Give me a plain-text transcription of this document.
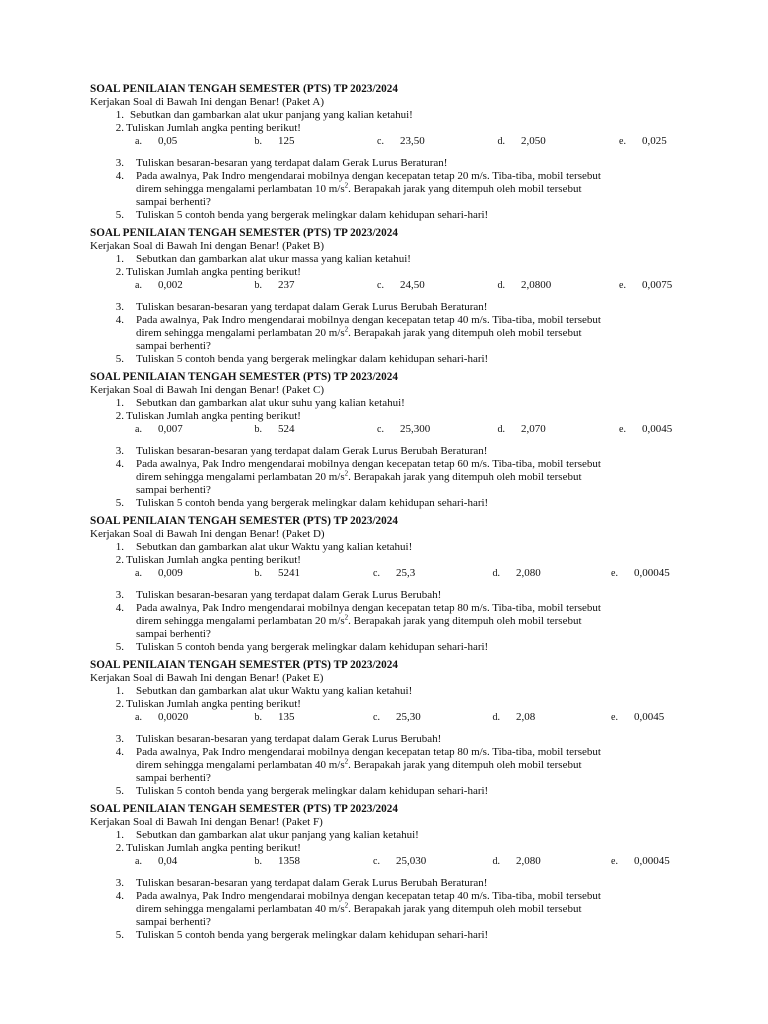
SOAL PENILAIAN TENGAH SEMESTER (PTS) TP 2023/2024
Kerjakan Soal di Bawah Ini dengan Benar! (Paket A)
1. Sebutkan dan gambarkan alat ukur panjang yang kalian ketahui!
2. Tuliskan Jumlah angka penting berikut!
a. 0,05	b. 125	c. 23,50	d. 2,050	e. 0,025
3. Tuliskan besaran-besaran yang terdapat dalam Gerak Lurus Beraturan!
4. Pada awalnya, Pak Indro mengendarai mobilnya dengan kecepatan tetap 20 m/s. Tiba-tiba, mobil tersebut
direm sehingga mengalami perlambatan 10 $m/s^2$. Berapakah jarak yang ditempuh oleh mobil tersebut
sampai berhenti?
5. Tuliskan 5 contoh benda yang bergerak melingkar dalam kehidupan sehari-hari!
SOAL PENILAIAN TENGAH SEMESTER (PTS) TP 2023/2024
Kerjakan Soal di Bawah Ini dengan Benar! (Paket B)
1. Sebutkan dan gambarkan alat ukur massa yang kalian ketahui!
2. Tuliskan Jumlah angka penting berikut!
a. 0,002	b. 237	c. 24,50	d. 2,0800	e. 0,0075
3. Tuliskan besaran-besaran yang terdapat dalam Gerak Lurus Berubah Beraturan!
4. Pada awalnya, Pak Indro mengendarai mobilnya dengan kecepatan tetap 40 m/s. Tiba-tiba, mobil tersebut
direm sehingga mengalami perlambatan 20 $m/s^2$. Berapakah jarak yang ditempuh oleh mobil tersebut
sampai berhenti?
5. Tuliskan 5 contoh benda yang bergerak melingkar dalam kehidupan sehari-hari!
SOAL PENILAIAN TENGAH SEMESTER (PTS) TP 2023/2024
Kerjakan Soal di Bawah Ini dengan Benar! (Paket C)
1. Sebutkan dan gambarkan alat ukur suhu yang kalian ketahui!
2. Tuliskan Jumlah angka penting berikut!
a. 0,007	b. 524	c. 25,300	d. 2,070	e. 0,0045
3. Tuliskan besaran-besaran yang terdapat dalam Gerak Lurus Berubah Beraturan!
4. Pada awalnya, Pak Indro mengendarai mobilnya dengan kecepatan tetap 60 m/s. Tiba-tiba, mobil tersebut
direm sehingga mengalami perlambatan 20 $m/s^2$. Berapakah jarak yang ditempuh oleh mobil tersebut
sampai berhenti?
5. Tuliskan 5 contoh benda yang bergerak melingkar dalam kehidupan sehari-hari!
SOAL PENILAIAN TENGAH SEMESTER (PTS) TP 2023/2024
Kerjakan Soal di Bawah Ini dengan Benar! (Paket D)
1. Sebutkan dan gambarkan alat ukur Waktu yang kalian ketahui!
2. Tuliskan Jumlah angka penting berikut!
a. 0,009	b. 5241	c. 25,3	d. 2,080	e. 0,00045
3. Tuliskan besaran-besaran yang terdapat dalam Gerak Lurus Berubah!
4. Pada awalnya, Pak Indro mengendarai mobilnya dengan kecepatan tetap 80 m/s. Tiba-tiba, mobil tersebut
direm sehingga mengalami perlambatan 20 $m/s^2$. Berapakah jarak yang ditempuh oleh mobil tersebut
sampai berhenti?
5. Tuliskan 5 contoh benda yang bergerak melingkar dalam kehidupan sehari-hari!
SOAL PENILAIAN TENGAH SEMESTER (PTS) TP 2023/2024
Kerjakan Soal di Bawah Ini dengan Benar! (Paket E)
1. Sebutkan dan gambarkan alat ukur Waktu yang kalian ketahui!
2. Tuliskan Jumlah angka penting berikut!
a. 0,0020	b. 135	c. 25,30	d. 2,08	e. 0,0045
3. Tuliskan besaran-besaran yang terdapat dalam Gerak Lurus Berubah!
4. Pada awalnya, Pak Indro mengendarai mobilnya dengan kecepatan tetap 80 m/s. Tiba-tiba, mobil tersebut
direm sehingga mengalami perlambatan 40 $m/s^2$. Berapakah jarak yang ditempuh oleh mobil tersebut
sampai berhenti?
5. Tuliskan 5 contoh benda yang bergerak melingkar dalam kehidupan sehari-hari!
SOAL PENILAIAN TENGAH SEMESTER (PTS) TP 2023/2024
Kerjakan Soal di Bawah Ini dengan Benar! (Paket F)
1. Sebutkan dan gambarkan alat ukur panjang yang kalian ketahui!
2. Tuliskan Jumlah angka penting berikut!
a. 0,04	b. 1358	c. 25,030	d. 2,080	e. 0,00045
3. Tuliskan besaran-besaran yang terdapat dalam Gerak Lurus Berubah Beraturan!
4. Pada awalnya, Pak Indro mengendarai mobilnya dengan kecepatan tetap 40 m/s. Tiba-tiba, mobil tersebut
direm sehingga mengalami perlambatan 40 $m/s^2$. Berapakah jarak yang ditempuh oleh mobil tersebut
sampai berhenti?
5. Tuliskan 5 contoh benda yang bergerak melingkar dalam kehidupan sehari-hari!
